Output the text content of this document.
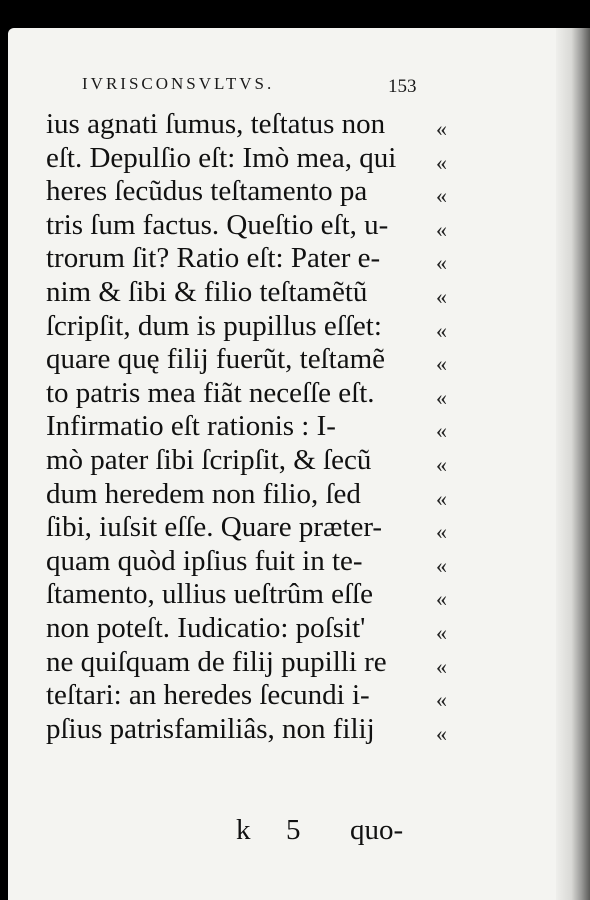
IVRISCONSVLTVS.	153
ius agnati ſumus, teſtatus non «
eſt. Depulſio eſt: Imò mea, qui «
heres ſecũdus teſtamento pa	«
tris ſum factus. Queſtio eſt, u- «
trorum ſit? Ratio eſt: Pater e-	«
nim & ſibi & filio teſtamẽtũ	«
ſcripſit, dum is pupillus eſſet: «
quare quę filij fuerũt, teſtamẽ «
to patris mea fiãt neceſſe eſt.	«
Infirmatio eſt rationis : I-	«
mò pater ſibi ſcripſit, & ſecũ	«
dum heredem non filio, ſed	«
ſibi, iuſsit eſſe. Quare præter- «
quam quòd ipſius fuit in te-	«
ſtamento, ullius ueſtrûm eſſe	«
non poteſt. Iudicatio: poſsit'	«
ne quiſquam de filij pupilli re «
teſtari: an heredes ſecundi i-	«
pſius patrisfamiliâs, non filij	«
k 5 quo-
